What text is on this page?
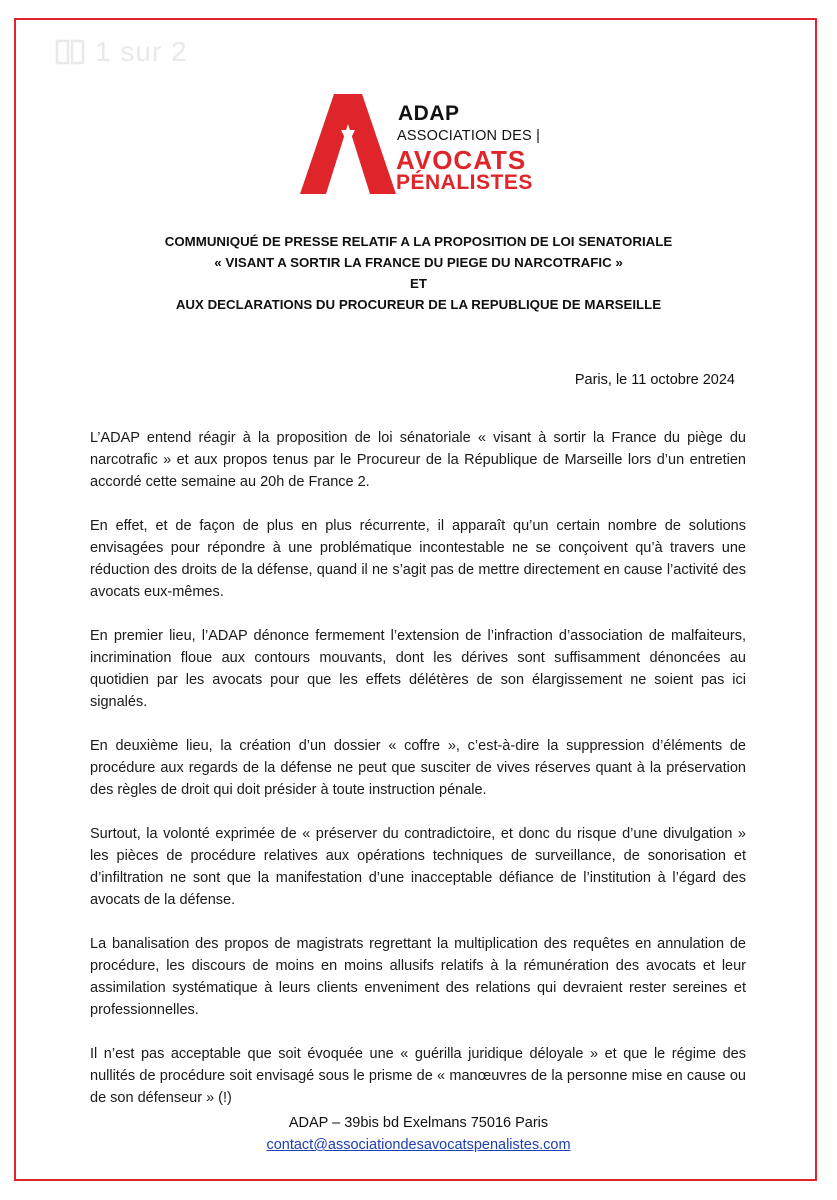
1 sur 2
ADAP
ASSOCIATION DES |
AVOCATS
PÉNALISTES
COMMUNIQUÉ DE PRESSE RELATIF A LA PROPOSITION DE LOI SENATORIALE
« VISANT A SORTIR LA FRANCE DU PIEGE DU NARCOTRAFIC »
ET
AUX DECLARATIONS DU PROCUREUR DE LA REPUBLIQUE DE MARSEILLE
Paris, le 11 octobre 2024

L’ADAP entend réagir à la proposition de loi sénatoriale « visant à sortir la France du piège du narcotrafic » et aux propos tenus par le Procureur de la République de Marseille lors d’un entretien accordé cette semaine au 20h de France 2.

En effet, et de façon de plus en plus récurrente, il apparaît qu’un certain nombre de solutions envisagées pour répondre à une problématique incontestable ne se conçoivent qu’à travers une réduction des droits de la défense, quand il ne s’agit pas de mettre directement en cause l’activité des avocats eux-mêmes.

En premier lieu, l’ADAP dénonce fermement l’extension de l’infraction d’association de malfaiteurs, incrimination floue aux contours mouvants, dont les dérives sont suffisamment dénoncées au quotidien par les avocats pour que les effets délétères de son élargissement ne soient pas ici signalés.

En deuxième lieu, la création d’un dossier « coffre », c’est-à-dire la suppression d’éléments de procédure aux regards de la défense ne peut que susciter de vives réserves quant à la préservation des règles de droit qui doit présider à toute instruction pénale.

Surtout, la volonté exprimée de « préserver du contradictoire, et donc du risque d’une divulgation » les pièces de procédure relatives aux opérations techniques de surveillance, de sonorisation et d’infiltration ne sont que la manifestation d’une inacceptable défiance de l’institution à l’égard des avocats de la défense.

La banalisation des propos de magistrats regrettant la multiplication des requêtes en annulation de procédure, les discours de moins en moins allusifs relatifs à la rémunération des avocats et leur assimilation systématique à leurs clients enveniment des relations qui devraient rester sereines et professionnelles.

Il n’est pas acceptable que soit évoquée une « guérilla juridique déloyale » et que le régime des nullités de procédure soit envisagé sous le prisme de « manœuvres de la personne mise en cause ou de son défenseur » (!)

ADAP – 39bis bd Exelmans 75016 Paris
contact@associationdesavocatspenalistes.com
